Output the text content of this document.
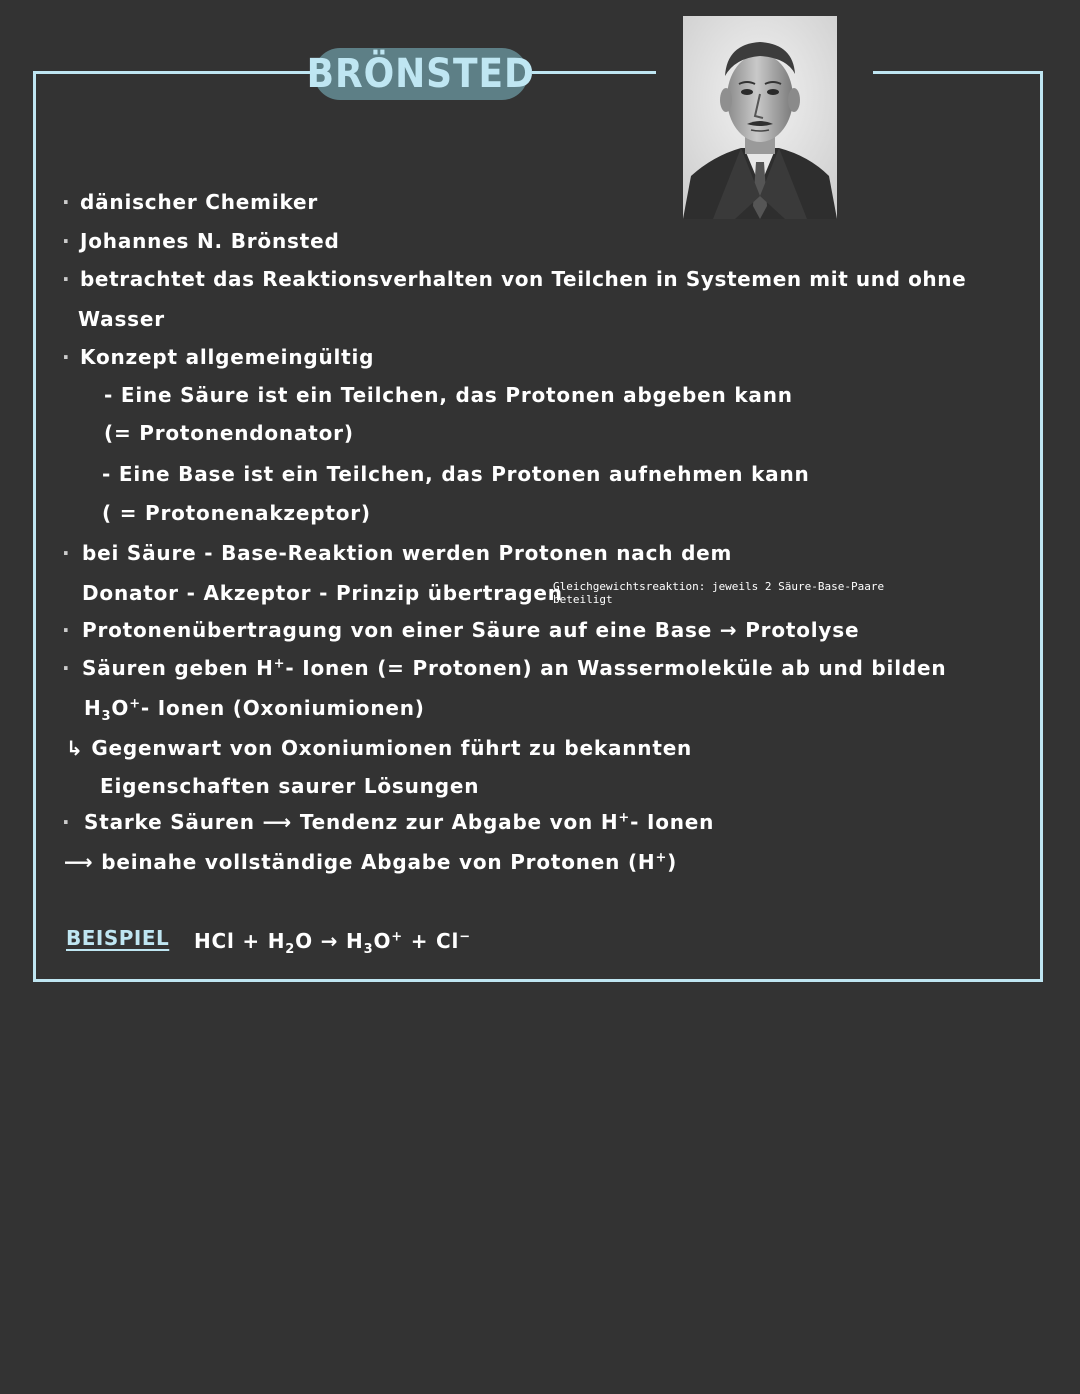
BRÖNSTED
·
·
·
·
·
·
·
·
dänischer Chemiker
Johannes N. Brönsted
betrachtet das Reaktionsverhalten von Teilchen in Systemen mit und ohne
Wasser
Konzept allgemeingültig
- Eine Säure ist ein Teilchen, das Protonen abgeben kann
(= Protonendonator)
- Eine Base ist ein Teilchen, das Protonen aufnehmen kann
( = Protonenakzeptor)
bei Säure - Base-Reaktion werden Protonen nach dem
Donator - Akzeptor - Prinzip übertragen
Gleichgewichtsreaktion: jeweils 2 Säure-Base-Paare
beteiligt
Protonenübertragung von einer Säure auf eine Base → Protolyse
Säuren geben H+- Ionen (= Protonen) an Wassermoleküle ab und bilden
$H_3O^+-$ Ionen (Oxoniumionen)
↳ Gegenwart von Oxoniumionen führt zu bekannten
Eigenschaften saurer Lösungen
Starke Säuren ⟶ Tendenz zur Abgabe von H+- Ionen
⟶ beinahe vollständige Abgabe von Protonen (H+)
BEISPIEL HCl + $H_2O \to H_3O^+ + Cl^-$
